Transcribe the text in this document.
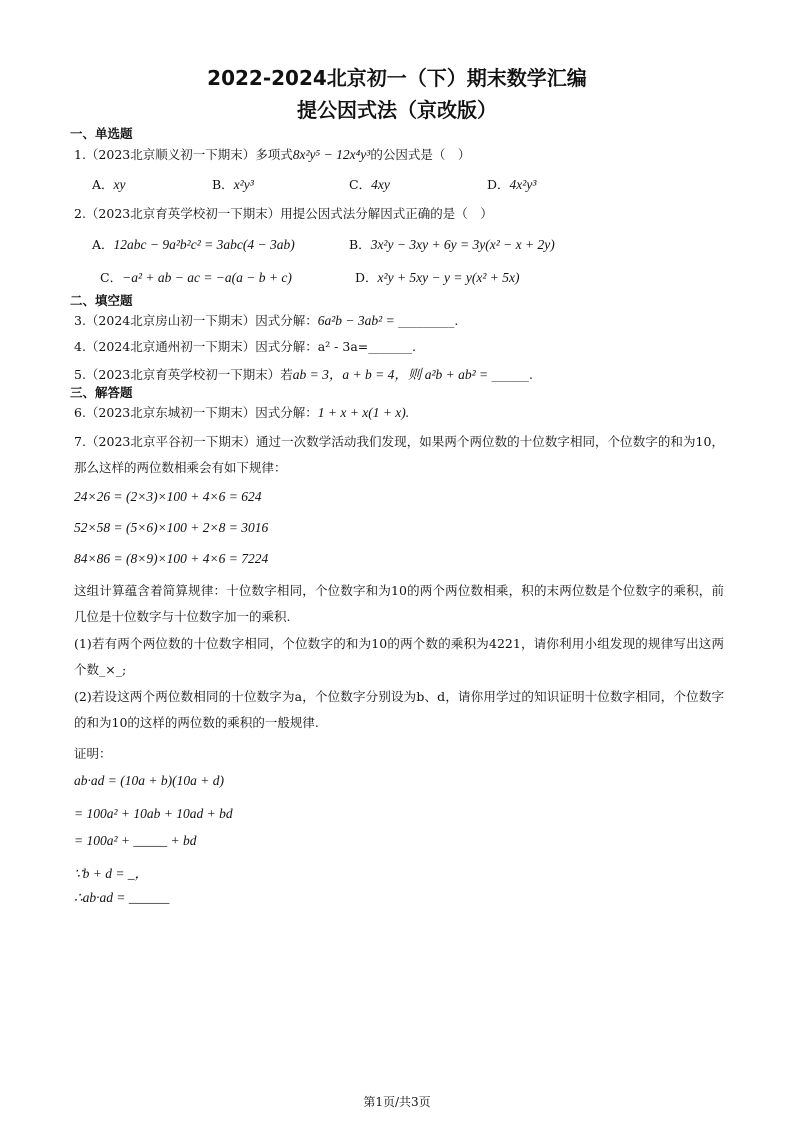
2022-2024北京初一（下）期末数学汇编
提公因式法（京改版）
一、单选题
1.（2023北京顺义初一下期末）多项式8x²y⁵ − 12x⁴y³的公因式是（　）
A．xy	B．x²y³	C．4xy	D．4x²y³
2.（2023北京育英学校初一下期末）用提公因式法分解因式正确的是（　）
A．12abc − 9a²b²c² = 3abc(4 − 3ab)	B．3x²y − 3xy + 6y = 3y(x² − x + 2y)
C．−a² + ab − ac = −a(a − b + c)	D．x²y + 5xy − y = y(x² + 5x)
二、填空题
3.（2024北京房山初一下期末）因式分解：6a²b − 3ab² = _________.
4.（2024北京通州初一下期末）因式分解：a² - 3a=_______.
5.（2023北京育英学校初一下期末）若ab = 3，a + b = 4，则 a²b + ab² = ______.
三、解答题
6.（2023北京东城初一下期末）因式分解：1 + x + x(1 + x).
7.（2023北京平谷初一下期末）通过一次数学活动我们发现，如果两个两位数的十位数字相同，个位数字的和为10，那么这样的两位数相乘会有如下规律：
24×26 = (2×3)×100 + 4×6 = 624
52×58 = (5×6)×100 + 2×8 = 3016
84×86 = (8×9)×100 + 4×6 = 7224
这组计算蕴含着简算规律：十位数字相同，个位数字和为10的两个两位数相乘，积的末两位数是个位数字的乘积，前几位是十位数字与十位数字加一的乘积.
(1)若有两个两位数的十位数字相同，个位数字的和为10的两个数的乘积为4221，请你利用小组发现的规律写出这两个数_×_;
(2)若设这两个两位数相同的十位数字为a，个位数字分别设为b、d，请你用学过的知识证明十位数字相同，个位数字的和为10的这样的两位数的乘积的一般规律.
证明：
ab·ad = (10a + b)(10a + d)
= 100a² + 10ab + 10ad + bd
= 100a² + _____ + bd
∵b + d = _，
∴ab·ad = ______
第1页/共3页
